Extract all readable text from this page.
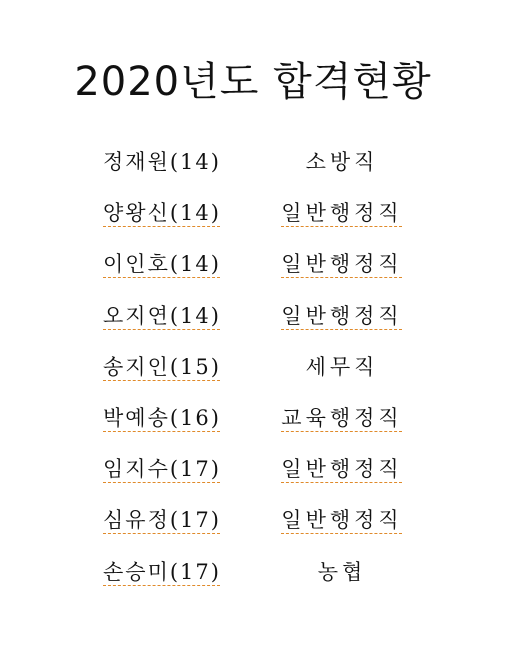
2020년도 합격현황
정재원(14)	소방직
양왕신(14)	일반행정직
이인호(14)	일반행정직
오지연(14)	일반행정직
송지인(15)	세무직
박예송(16)	교육행정직
임지수(17)	일반행정직
심유정(17)	일반행정직
손승미(17)	농협
